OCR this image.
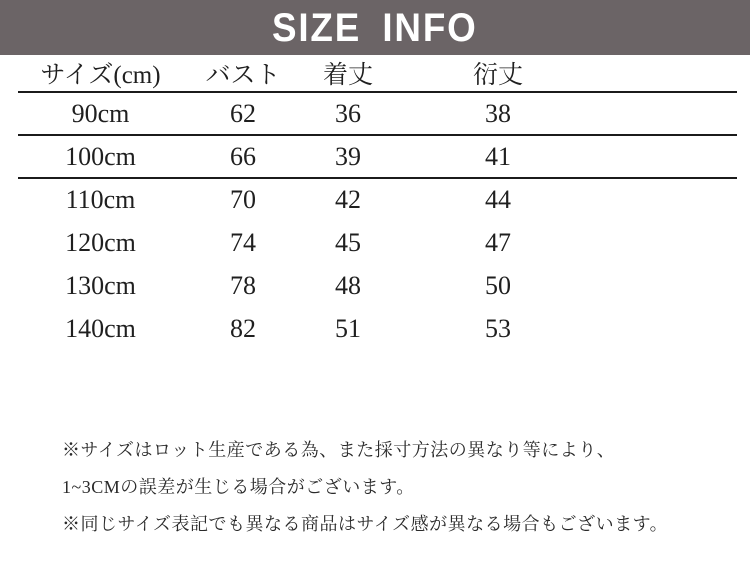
SIZE INFO
サイズ(cm)	バスト	着丈	衍丈	
90cm	62	36	38	
100cm	66	39	41	
110cm	70	42	44	
120cm	74	45	47	
130cm	78	48	50	
140cm	82	51	53	

※サイズはロット生産である為、また採寸方法の異なり等により、

1~3CMの誤差が生じる場合がございます。

※同じサイズ表記でも異なる商品はサイズ感が異なる場合もございます。
